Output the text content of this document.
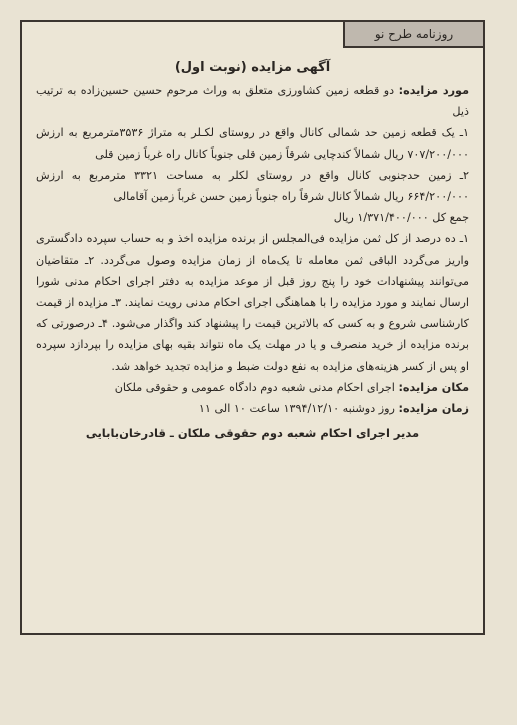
روزنامه طرح نو

آگهی مزایده (نوبت اول)

مورد مزایده: دو قطعه زمین کشاورزی متعلق به وراث مرحوم حسین حسین‌زاده به ترتیب ذیل

۱ـ یک قطعه زمین حد شمالی کانال واقع در روستای لکـلر به متراژ ۳۵۳۶مترمربع به ارزش ۷۰۷/۲۰۰/۰۰۰ ریال شمالاً کندچایی شرقاً زمین قلی جنوباً کانال راه غرباً زمین قلی

۲ـ زمین حدجنوبی کانال واقع در روستای لکلر به مساحت ۳۳۲۱ مترمربع به ارزش ۶۶۴/۲۰۰/۰۰۰ ریال شمالاً کانال شرقاً راه جنوباً زمین حسن غرباً زمین آقامالی

جمع کل ۱/۳۷۱/۴۰۰/۰۰۰ ریال

۱ـ ده درصد از کل ثمن مزایده فی‌المجلس از برنده مزایده اخذ و به حساب سپرده دادگستری واریز می‌گردد الباقی ثمن معامله تا یک‌ماه از زمان مزایده وصول می‌گردد. ۲ـ متقاضیان می‌توانند پیشنهادات خود را پنج روز قبل از موعد مزایده به دفتر اجرای احکام مدنی شورا ارسال نمایند و مورد مزایده را با هماهنگی اجرای احکام مدنی رویت نمایند. ۳ـ مزایده از قیمت کارشناسی شروع و به کسی که بالاترین قیمت را پیشنهاد کند واگذار می‌شود. ۴ـ درصورتی که برنده مزایده از خرید منصرف و یا در مهلت یک ماه نتواند بقیه بهای مزایده را بپردازد سپرده او پس از کسر هزینه‌های مزایده به نفع دولت ضبط و مزایده تجدید خواهد شد.

مکان مزایده: اجرای احکام مدنی شعبه دوم دادگاه عمومی و حقوقی ملکان

زمان مزایده: روز دوشنبه ۱۳۹۴/۱۲/۱۰ ساعت ۱۰ الی ۱۱

مدیر اجرای احکام شعبه دوم حقوقی ملکان ـ قادرخان‌بابایی
